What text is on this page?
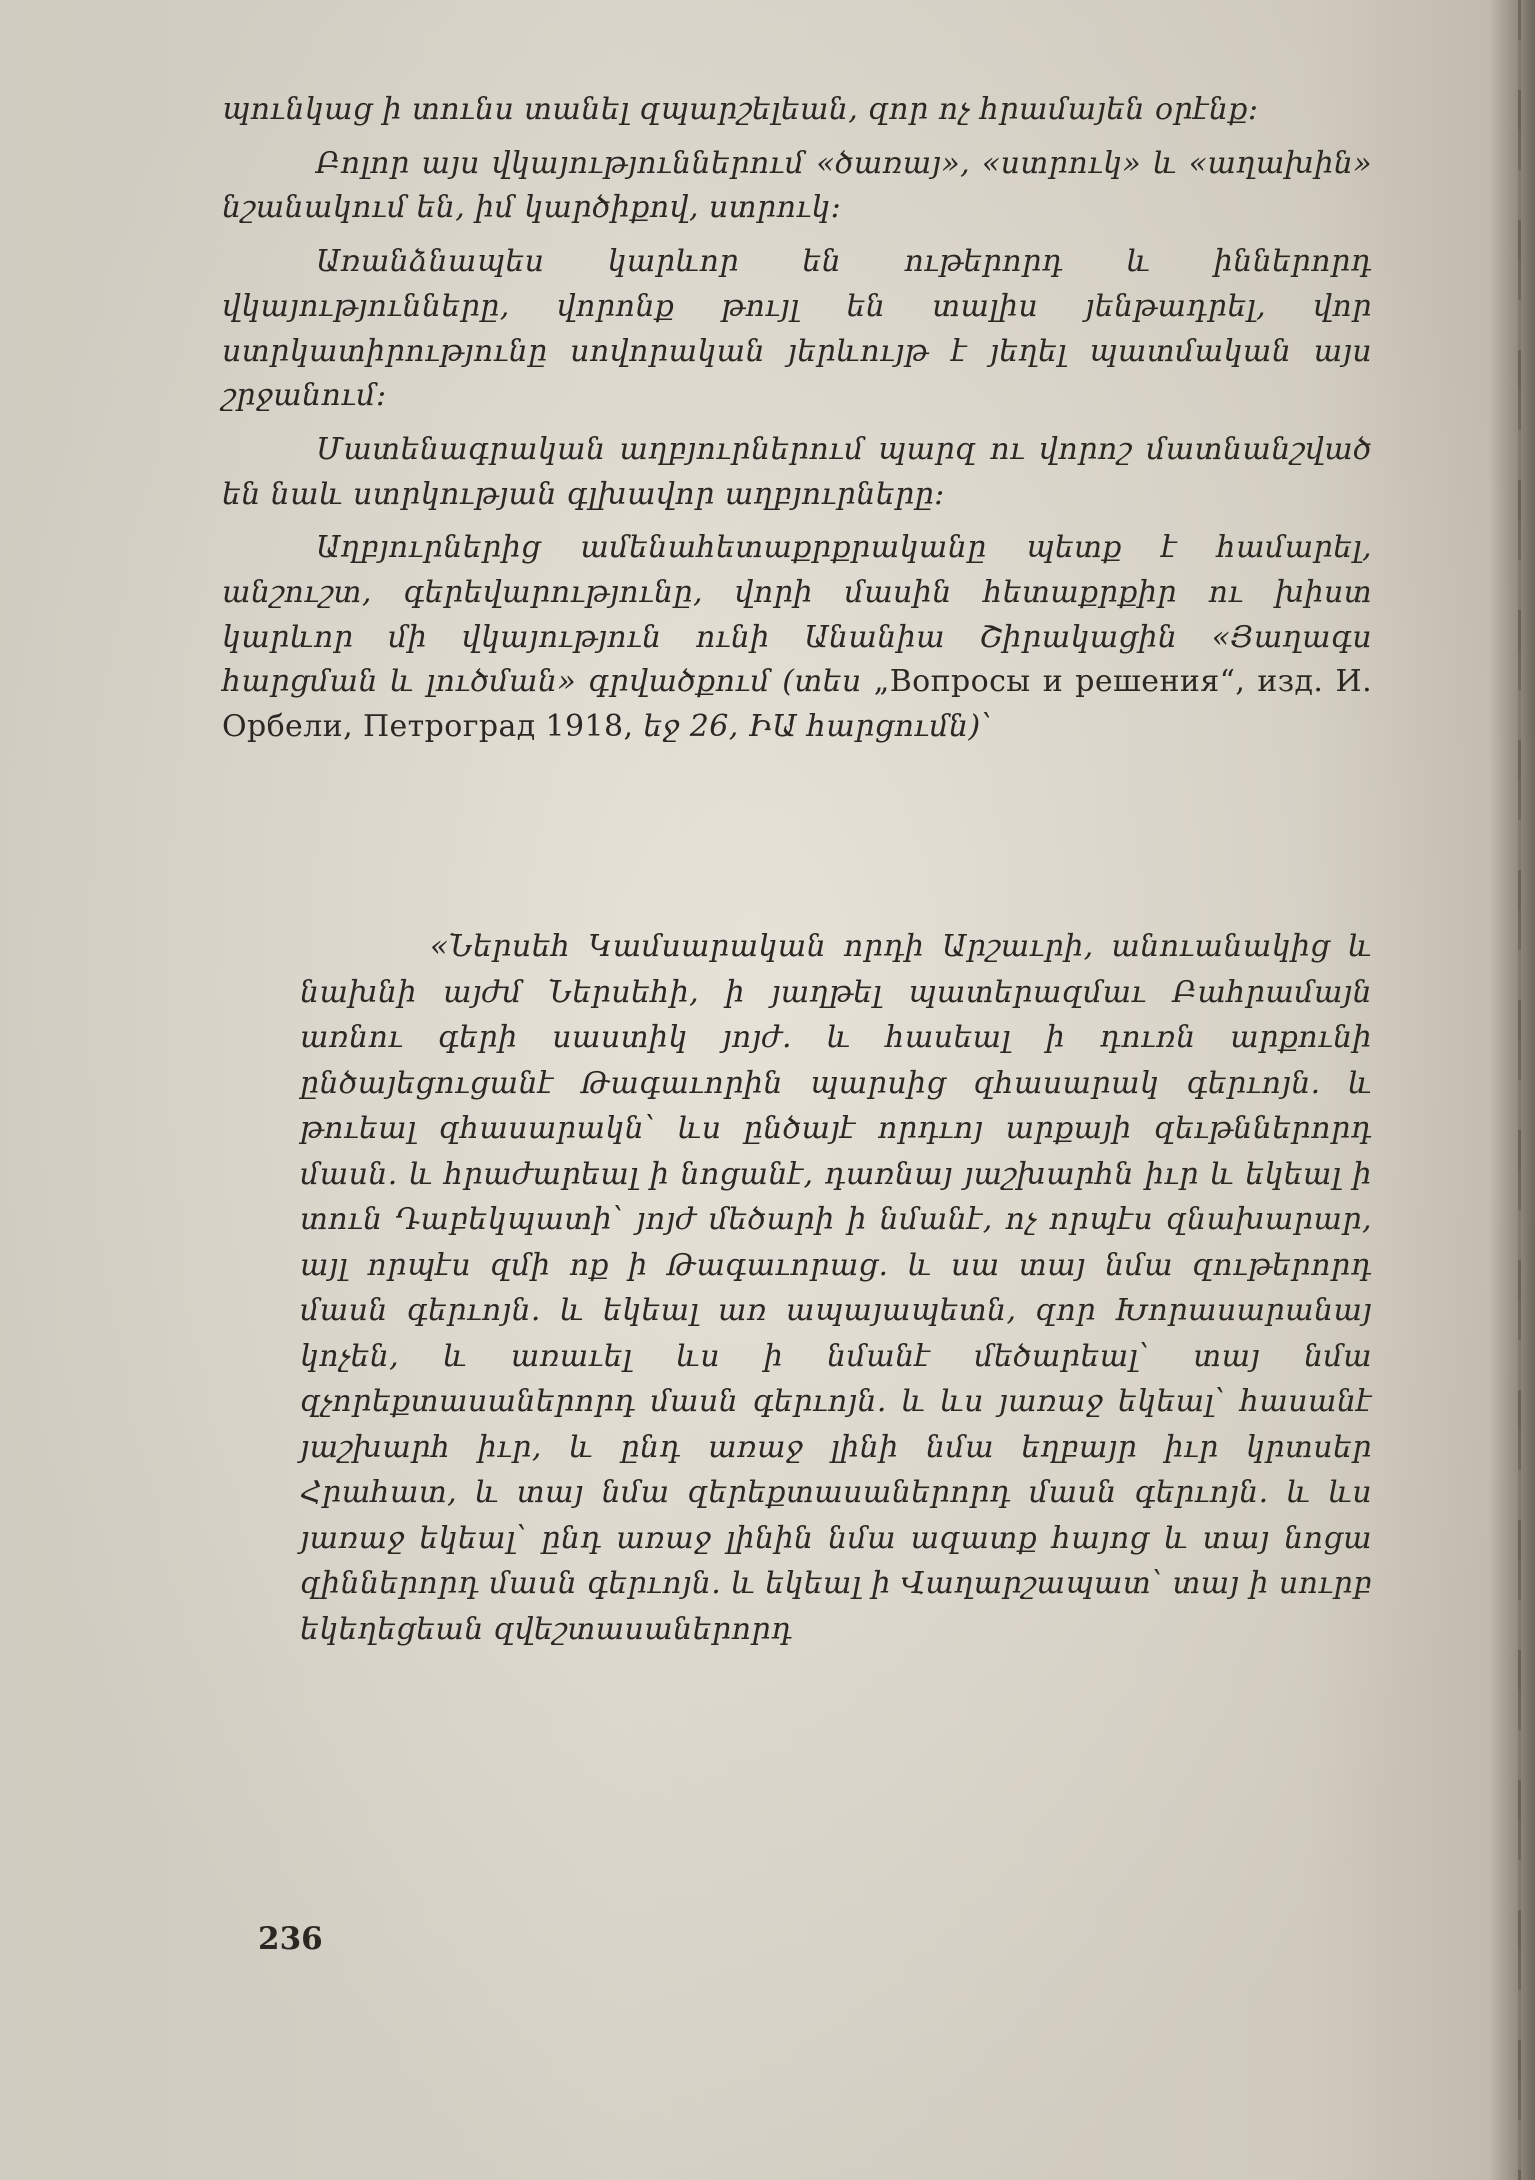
պունկաց ի տունս տանել զպարշելեան, զոր ոչ հրամայեն օրէնք։

Բոլոր այս վկայություններում «ծառայ», «ստրուկ» և «աղախին» նշանակում են, իմ կարծիքով, ստրուկ։

Առանձնապես կարևոր են ութերորդ և իններորդ վկայությունները, վորոնք թույլ են տալիս յենթադրել, վոր ստրկատիրությունը սովորական յերևույթ է յեղել պատմական այս շրջանում։

Մատենագրական աղբյուրներում պարզ ու վորոշ մատնանշված են նաև ստրկության գլխավոր աղբյուրները։

Աղբյուրներից ամենահետաքրքրականը պետք է համարել, անշուշտ, գերեվարությունը, վորի մասին հետաքրքիր ու խիստ կարևոր մի վկայություն ունի Անանիա Շիրակացին «Յաղագս հարցման և լուծման» գրվածքում (տես „Вопросы и решения“, изд. И. Орбели, Петроград 1918, եջ 26, ԻԱ հարցումն)՝

«Ներսեհ Կամսարական որդի Արշաւրի, անուանակից և նախնի այժմ Ներսեհի, ի յաղթել պատերազմաւ Բահրամայն առնու գերի սաստիկ յոյժ. և հասեալ ի դուռն արքունի ընծայեցուցանէ Թագաւորին պարսից զհասարակ գերւոյն. և թուեալ զհասարակն՝ ևս ընծայէ որդւոյ արքայի զեւթններորդ մասն. և հրաժարեալ ի նոցանէ, դառնայ յաշխարհն իւր և եկեալ ի տուն Դաբեկպատի՝ յոյժ մեծարի ի նմանէ, ոչ որպէս զնախարար, այլ որպէս զմի ոք ի Թագաւորաց. և սա տայ նմա զութերորդ մասն գերւոյն. և եկեալ առ ապայապետն, զոր Խորասարանայ կոչեն, և առաւել ևս ի նմանէ մեծարեալ՝ տայ նմա զչորեքտասաներորդ մասն գերւոյն. և ևս յառաջ եկեալ՝ հասանէ յաշխարհ իւր, և ընդ առաջ լինի նմա եղբայր իւր կրտսեր Հրահատ, և տայ նմա զերեքտասաներորդ մասն գերւոյն. և ևս յառաջ եկեալ՝ ընդ առաջ լինին նմա ազատք հայոց և տայ նոցա զիններորդ մասն գերւոյն. և եկեալ ի Վաղարշապատ՝ տայ ի սուրբ եկեղեցեան զվեշտասաներորդ

236
